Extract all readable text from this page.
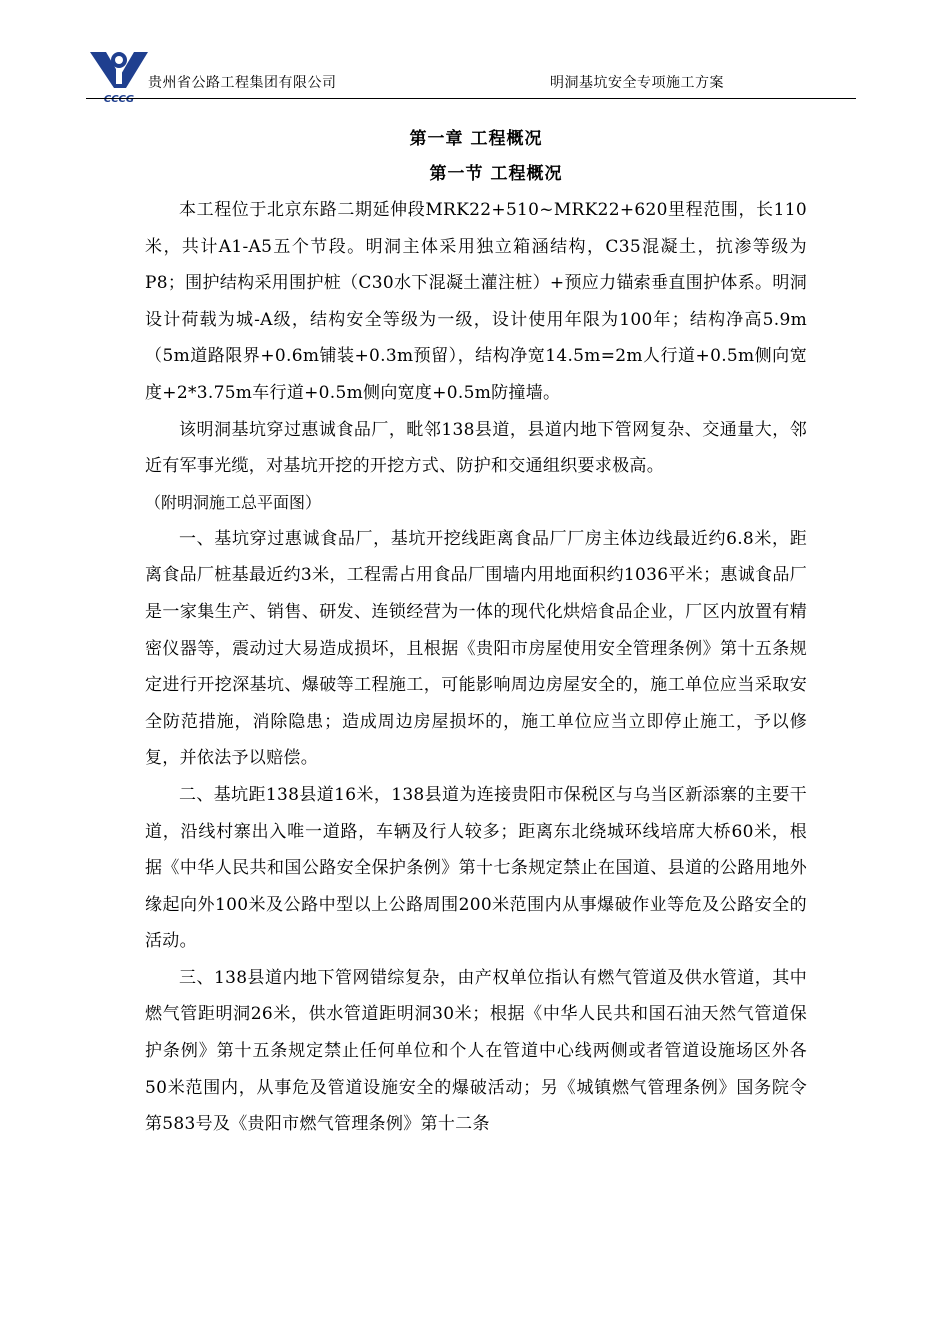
CCCG
贵州省公路工程集团有限公司	明洞基坑安全专项施工方案
第一章 工程概况
第一节 工程概况

本工程位于北京东路二期延伸段MRK22+510~MRK22+620里程范围，长110米，共计A1-A5五个节段。明洞主体采用独立箱涵结构，C35混凝土，抗渗等级为P8；围护结构采用围护桩（C30水下混凝土灌注桩）+预应力锚索垂直围护体系。明洞设计荷载为城-A级，结构安全等级为一级，设计使用年限为100年；结构净高5.9m（5m道路限界+0.6m铺装+0.3m预留），结构净宽14.5m=2m人行道+0.5m侧向宽度+2*3.75m车行道+0.5m侧向宽度+0.5m防撞墙。

该明洞基坑穿过惠诚食品厂，毗邻138县道，县道内地下管网复杂、交通量大，邻近有军事光缆，对基坑开挖的开挖方式、防护和交通组织要求极高。

（附明洞施工总平面图）

一、基坑穿过惠诚食品厂，基坑开挖线距离食品厂厂房主体边线最近约6.8米，距离食品厂桩基最近约3米，工程需占用食品厂围墙内用地面积约1036平米；惠诚食品厂是一家集生产、销售、研发、连锁经营为一体的现代化烘焙食品企业，厂区内放置有精密仪器等，震动过大易造成损坏，且根据《贵阳市房屋使用安全管理条例》第十五条规定进行开挖深基坑、爆破等工程施工，可能影响周边房屋安全的，施工单位应当采取安全防范措施，消除隐患；造成周边房屋损坏的，施工单位应当立即停止施工，予以修复，并依法予以赔偿。

二、基坑距138县道16米，138县道为连接贵阳市保税区与乌当区新添寨的主要干道，沿线村寨出入唯一道路，车辆及行人较多；距离东北绕城环线培席大桥60米，根据《中华人民共和国公路安全保护条例》第十七条规定禁止在国道、县道的公路用地外缘起向外100米及公路中型以上公路周围200米范围内从事爆破作业等危及公路安全的活动。

三、138县道内地下管网错综复杂，由产权单位指认有燃气管道及供水管道，其中燃气管距明洞26米，供水管道距明洞30米；根据《中华人民共和国石油天然气管道保护条例》第十五条规定禁止任何单位和个人在管道中心线两侧或者管道设施场区外各50米范围内，从事危及管道设施安全的爆破活动；另《城镇燃气管理条例》国务院令第583号及《贵阳市燃气管理条例》第十二条
